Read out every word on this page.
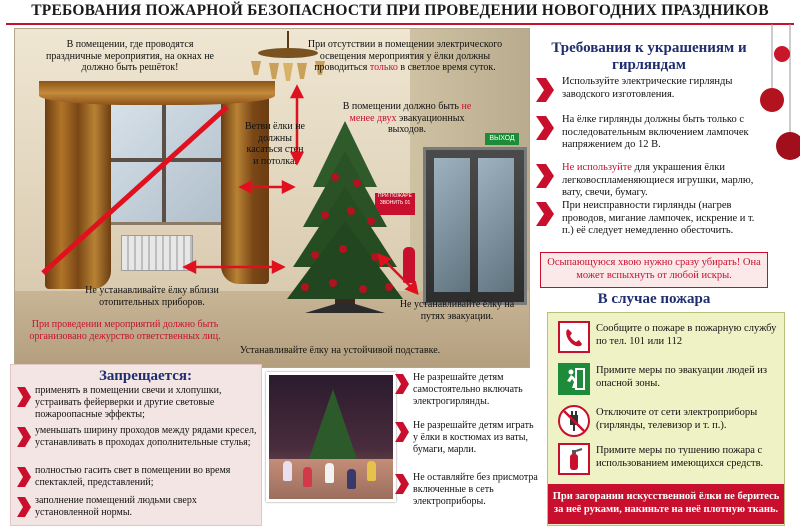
ТРЕБОВАНИЯ ПОЖАРНОЙ БЕЗОПАСНОСТИ ПРИ ПРОВЕДЕНИИ НОВОГОДНИХ ПРАЗДНИКОВ
ВЫХОД
ПРИ ПОЖАРЕ ЗВОНИТЬ 01
В помещении, где проводятся праздничные мероприятия, на окнах не должно быть решёток!
При отсутствии в помещении электрического освещения мероприятия у ёлки должны проводиться только в светлое время суток.
В помещении должно быть не менее двух эвакуационных выходов.
Ветви ёлки не должны касаться стен и потолка.
Не устанавливайте ёлку вблизи отопительных приборов.
При проведении мероприятий должно быть организовано дежурство ответственных лиц.
Не устанавливайте ёлку на путях эвакуации.
Устанавливайте ёлку на устойчивой подставке.
Требования к украшениям и гирляндам
Используйте электрические гирлянды заводского изготовления.
На ёлке гирлянды должны быть только с последовательным включением лампочек напряжением до 12 В.
Не используйте для украшения ёлки легковоспламеняющиеся игрушки, марлю, вату, свечи, бумагу.
При неисправности гирлянды (нагрев проводов, мигание лампочек, искрение и т. п.) её следует немедленно обесточить.
Осыпающуюся хвою нужно сразу убирать! Она может вспыхнуть от любой искры.
В случае пожара
Сообщите о пожаре в пожарную службу по тел. 101 или 112
Примите меры по эвакуации людей из опасной зоны.
Отключите от сети электроприборы (гирлянды, телевизор и т. п.).
Примите меры по тушению пожара с использованием имеющихся средств.
При загорании искусственной ёлки не беритесь за неё руками, накиньте на неё плотную ткань.
Запрещается:
применять в помещении свечи и хлопушки, устраивать фейерверки и другие световые пожароопасные эффекты;
уменьшать ширину проходов между рядами кресел, устанавливать в проходах дополнительные стулья;
полностью гасить свет в помещении во время спектаклей, представлений;
заполнение помещений людьми сверх установленной нормы.
Не разрешайте детям самостоятельно включать электрогирлянды.
Не разрешайте детям играть у ёлки в костюмах из ваты, бумаги, марли.
Не оставляйте без присмотра включенные в сеть электроприборы.
